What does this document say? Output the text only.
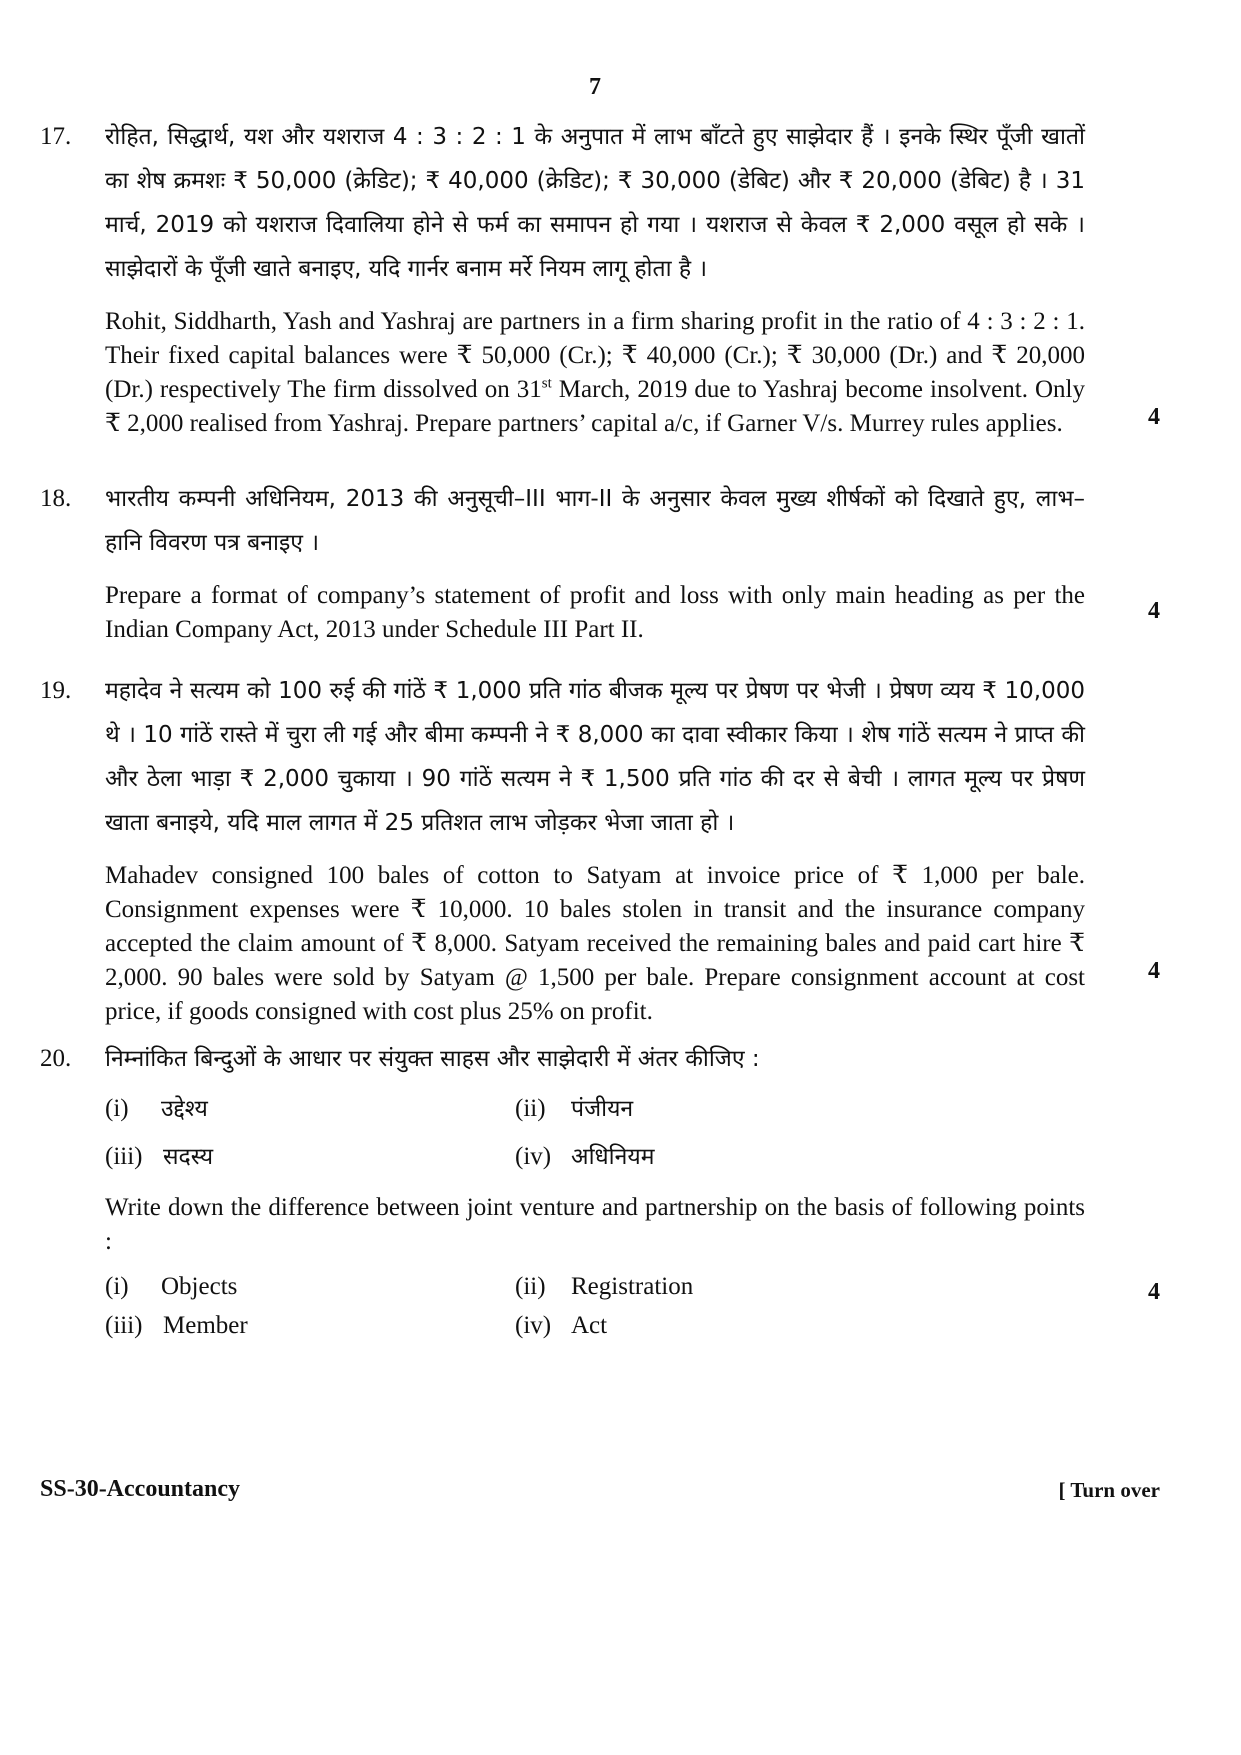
7
17. रोहित, सिद्धार्थ, यश और यशराज 4 : 3 : 2 : 1 के अनुपात में लाभ बाँटते हुए साझेदार हैं । इनके स्थिर पूँजी खातों का शेष क्रमशः ₹ 50,000 (क्रेडिट); ₹ 40,000 (क्रेडिट); ₹ 30,000 (डेबिट) और ₹ 20,000 (डेबिट) है । 31 मार्च, 2019 को यशराज दिवालिया होने से फर्म का समापन हो गया । यशराज से केवल ₹ 2,000 वसूल हो सके । साझेदारों के पूँजी खाते बनाइए, यदि गार्नर बनाम मर्रे नियम लागू होता है ।

Rohit, Siddharth, Yash and Yashraj are partners in a firm sharing profit in the ratio of 4 : 3 : 2 : 1. Their fixed capital balances were ₹ 50,000 (Cr.); ₹ 40,000 (Cr.); ₹ 30,000 (Dr.) and ₹ 20,000 (Dr.) respectively The firm dissolved on 31st March, 2019 due to Yashraj become insolvent. Only ₹ 2,000 realised from Yashraj. Prepare partners’ capital a/c, if Garner V/s. Murrey rules applies.	4
18. भारतीय कम्पनी अधिनियम, 2013 की अनुसूची–III भाग-II के अनुसार केवल मुख्य शीर्षकों को दिखाते हुए, लाभ–हानि विवरण पत्र बनाइए ।

Prepare a format of company’s statement of profit and loss with only main heading as per the Indian Company Act, 2013 under Schedule III Part II.

4
19. महादेव ने सत्यम को 100 रुई की गांठें ₹ 1,000 प्रति गांठ बीजक मूल्य पर प्रेषण पर भेजी । प्रेषण व्यय ₹ 10,000 थे । 10 गांठें रास्ते में चुरा ली गई और बीमा कम्पनी ने ₹ 8,000 का दावा स्वीकार किया । शेष गांठें सत्यम ने प्राप्त की और ठेला भाड़ा ₹ 2,000 चुकाया । 90 गांठें सत्यम ने ₹ 1,500 प्रति गांठ की दर से बेची । लागत मूल्य पर प्रेषण खाता बनाइये, यदि माल लागत में 25 प्रतिशत लाभ जोड़कर भेजा जाता हो ।

Mahadev consigned 100 bales of cotton to Satyam at invoice price of ₹ 1,000 per bale. Consignment expenses were ₹ 10,000. 10 bales stolen in transit and the insurance company accepted the claim amount of ₹ 8,000. Satyam received the remaining bales and paid cart hire ₹ 2,000. 90 bales were sold by Satyam @ 1,500 per bale. Prepare consignment account at cost price, if goods consigned with cost plus 25% on profit.

4
20. निम्नांकित बिन्दुओं के आधार पर संयुक्त साहस और साझेदारी में अंतर कीजिए :

(i)	उद्देश्य	(ii)	पंजीयन
(iii) सदस्य	(iv) अधिनियम

Write down the difference between joint venture and partnership on the basis of following points :

(i)	Objects	(ii)	Registration
(iii) Member	(iv) Act
4
SS-30-Accountancy	[ Turn over
